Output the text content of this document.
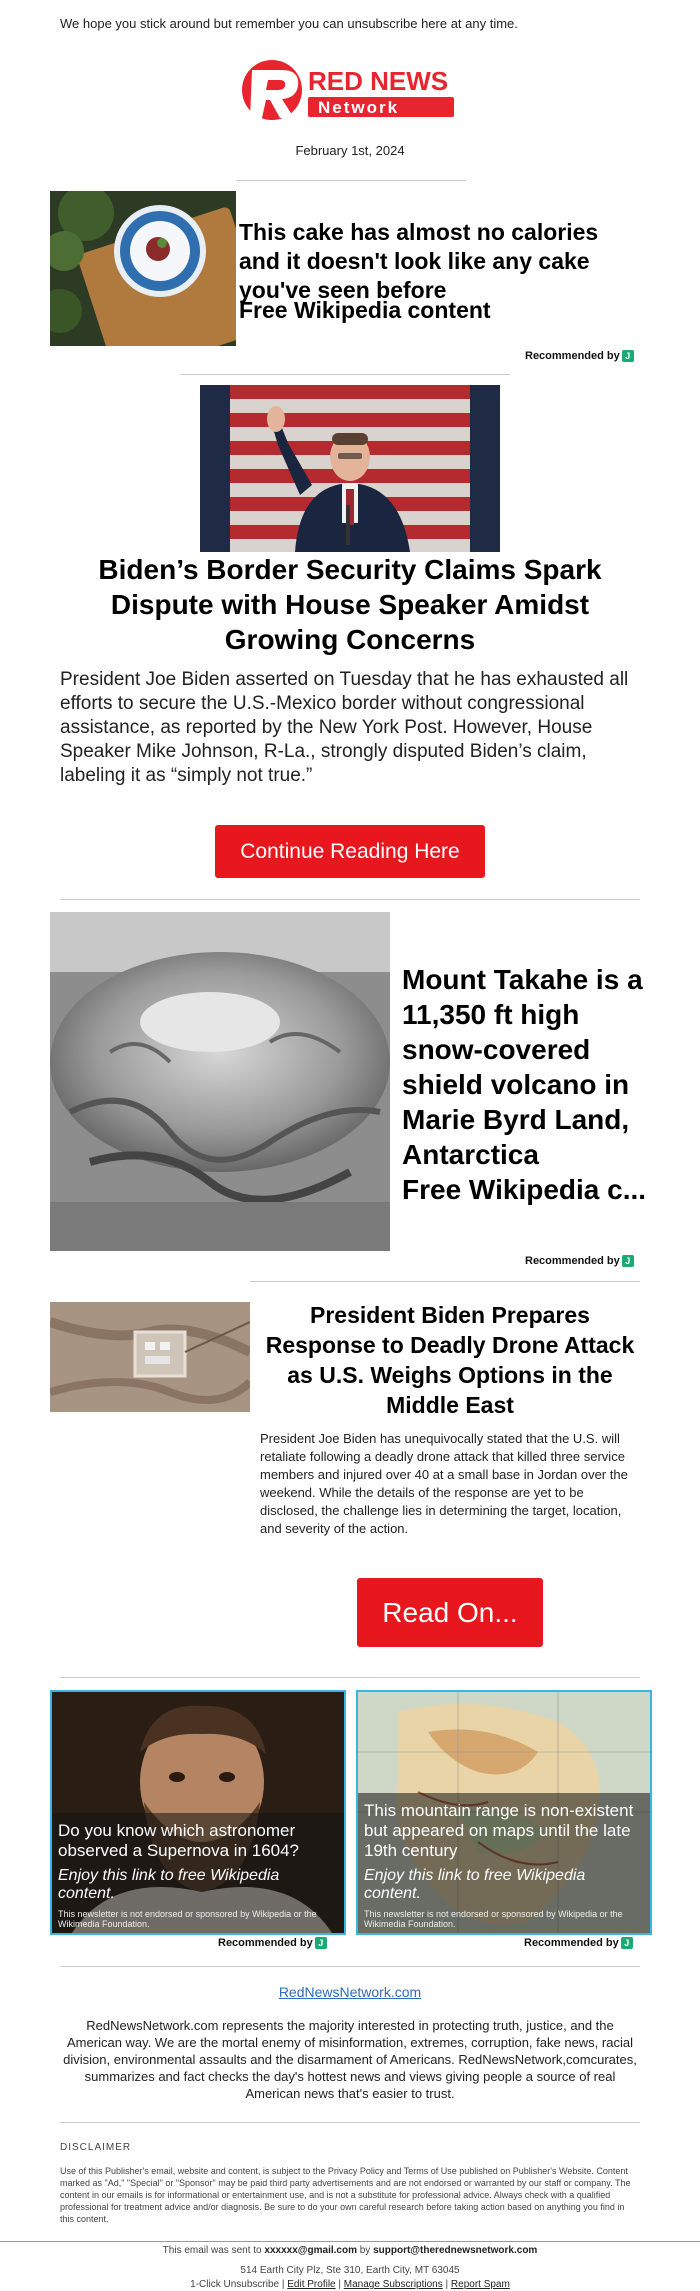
We hope you stick around but remember you can unsubscribe here at any time.
RED NEWS
Network
February 1st, 2024
This cake has almost no calories and it doesn't look like any cake you've seen before
Free Wikipedia content
Recommended by J
Biden’s Border Security Claims Spark Dispute with House Speaker Amidst Growing Concerns
President Joe Biden asserted on Tuesday that he has exhausted all efforts to secure the U.S.-Mexico border without congressional assistance, as reported by the New York Post. However, House Speaker Mike Johnson, R-La., strongly disputed Biden’s claim, labeling it as “simply not true.”
Continue Reading Here
Mount Takahe is a 11,350 ft high snow-covered shield volcano in Marie Byrd Land, Antarctica
Free Wikipedia c...
Recommended by J
President Biden Prepares Response to Deadly Drone Attack as U.S. Weighs Options in the Middle East
President Joe Biden has unequivocally stated that the U.S. will retaliate following a deadly drone attack that killed three service members and injured over 40 at a small base in Jordan over the weekend. While the details of the response are yet to be disclosed, the challenge lies in determining the target, location, and severity of the action.
Read On...
Do you know which astronomer observed a Supernova in 1604?
Enjoy this link to free Wikipedia content.
This newsletter is not endorsed or sponsored by Wikipedia or the Wikimedia Foundation.
This mountain range is non-existent but appeared on maps until the late 19th century
Enjoy this link to free Wikipedia content.
This newsletter is not endorsed or sponsored by Wikipedia or the Wikimedia Foundation.
Recommended by J	Recommended by J
RedNewsNetwork.com
RedNewsNetwork.com represents the majority interested in protecting truth, justice, and the American way. We are the mortal enemy of misinformation, extremes, corruption, fake news, racial division, environmental assaults and the disarmament of Americans. RedNewsNetwork,comcurates, summarizes and fact checks the day's hottest news and views giving people a source of real American news that's easier to trust.
DISCLAIMER
Use of this Publisher's email, website and content, is subject to the Privacy Policy and Terms of Use published on Publisher's Website. Content marked as "Ad," "Special" or "Sponsor" may be paid third party advertisements and are not endorsed or warranted by our staff or company. The content in our emails is for informational or entertainment use, and is not a substitute for professional advice. Always check with a qualified professional for treatment advice and/or diagnosis. Be sure to do your own careful research before taking action based on anything you find in this content.
This email was sent to xxxxxx@gmail.com by support@therednewsnetwork.com
514 Earth City Plz, Ste 310, Earth City, MT 63045
1-Click Unsubscribe | Edit Profile | Manage Subscriptions | Report Spam
